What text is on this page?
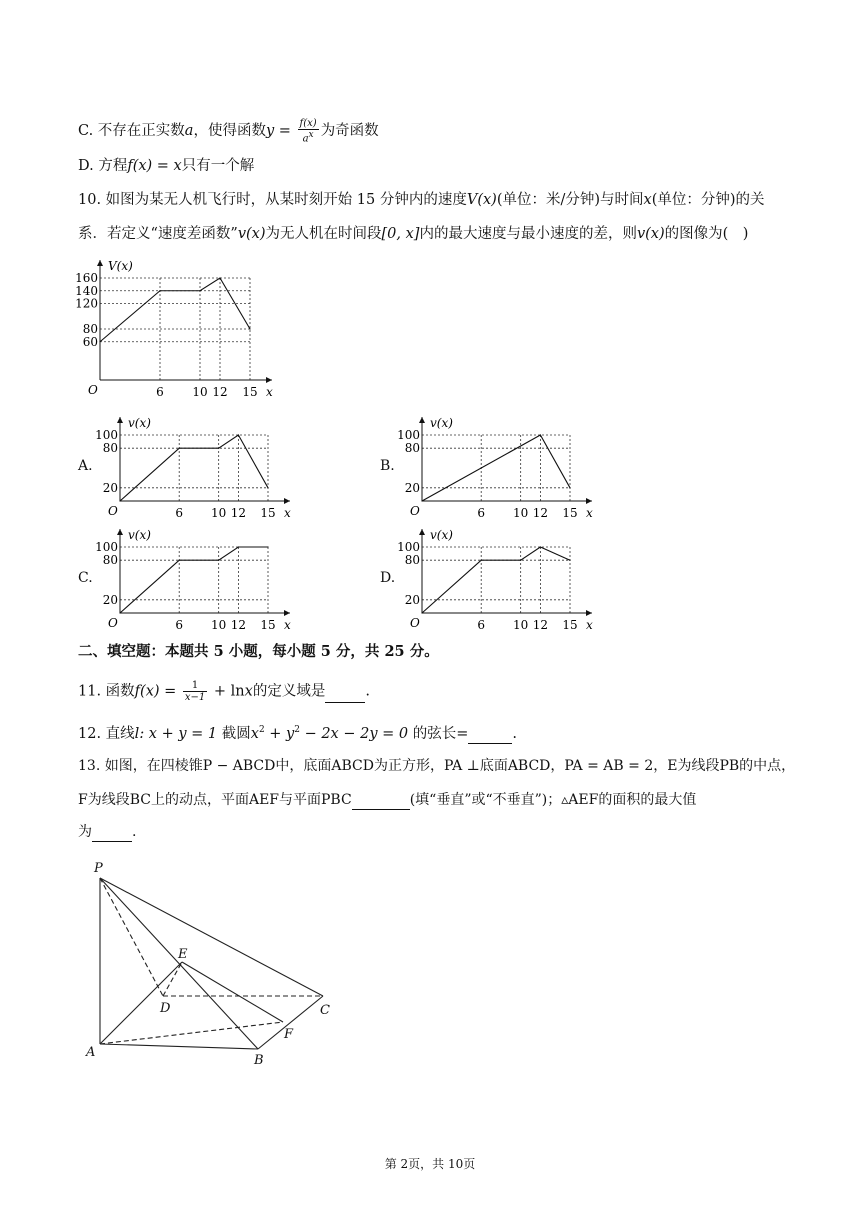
C. 不存在正实数a，使得函数$y = \frac{f(x)}{a^x}$ 为奇函数
D. 方程f(x) = x只有一个解
10. 如图为某无人机飞行时，从某时刻开始 15 分钟内的速度V(x)(单位：米/分钟)与时间x(单位：分钟)的关
系．若定义“速度差函数”v(x)为无人机在时间段[0, x]内的最大速度与最小速度的差，则v(x)的图像为(　)
160
140
120
80
60
6 10 12 15
O	x
V(x)
A.
100
80
20
6 10 12 15
O	x
v(x)
B.
100
80
20
6 10 12 15
O	x
v(x)
C.
100
80
20
6 10 12 15
O	x
v(x)
D.
100
80
20
6 10 12 15
O	x
v(x)
二、填空题：本题共 5 小题，每小题 5 分，共 25 分。
11. 函数$f(x) = \frac{1}{x-1} + \ln x$的定义域是	.
12. 直线l: x + y = 1 截圆$x^2 + y^2 - 2x - 2y = 0$ 的弦长=	.
13. 如图，在四棱锥P − ABCD中，底面ABCD为正方形，PA ⊥底面ABCD，PA = AB = 2，E为线段PB的中点，
F为线段BC上的动点，平面AEF与平面PBC	(填“垂直”或“不垂直”)；▵AEF的面积的最大值
为	.
P
E
D	C
F
A
B
第 2页，共 10页
